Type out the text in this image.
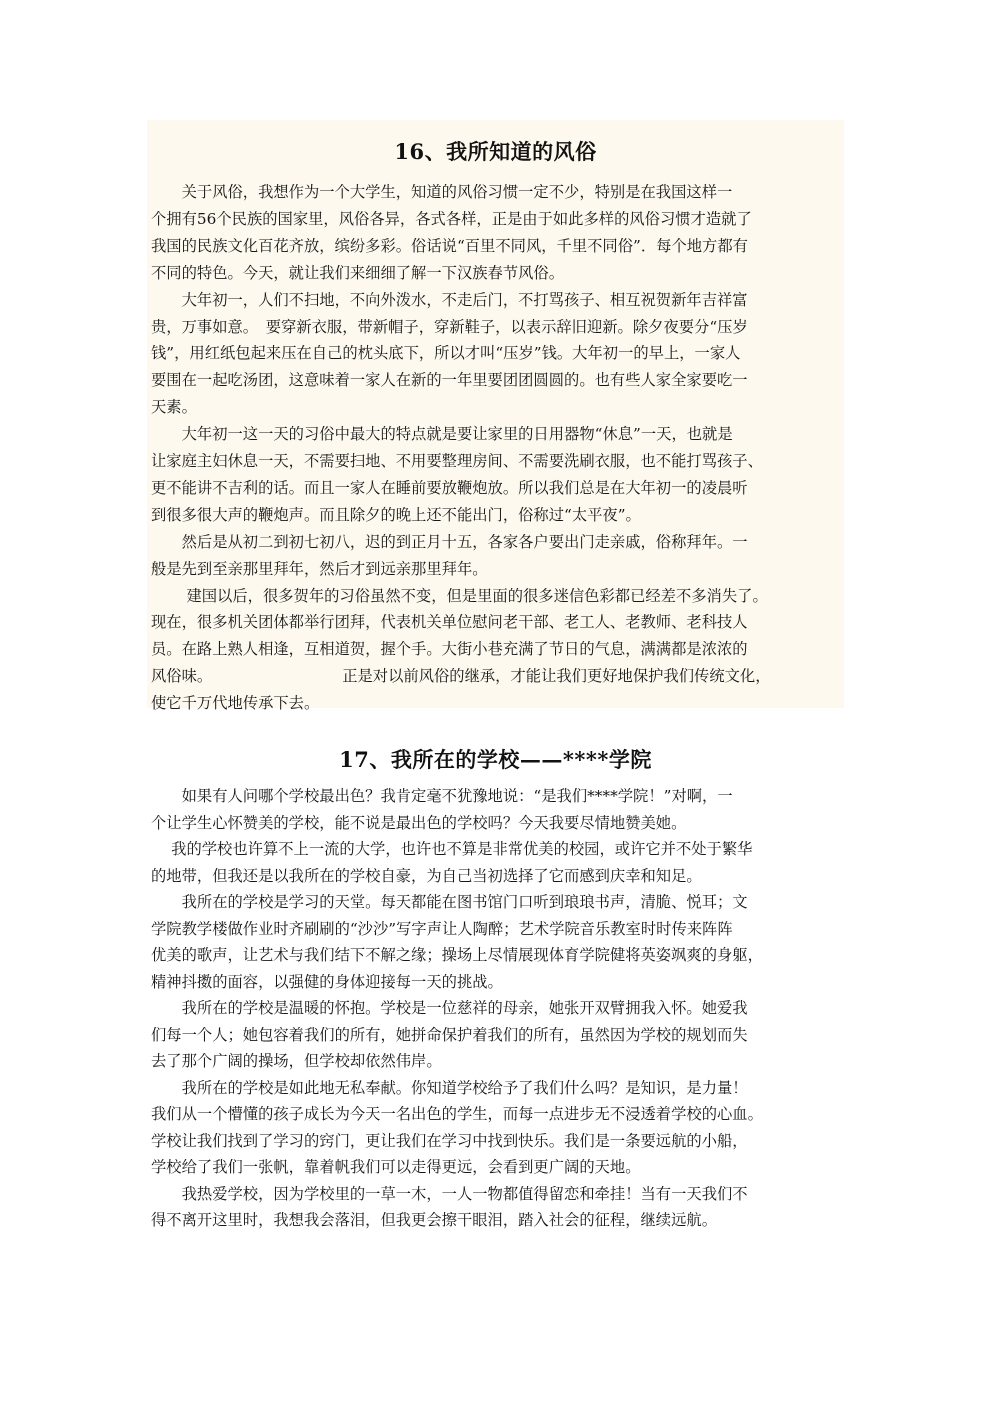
16、我所知道的风俗
　　关于风俗，我想作为一个大学生，知道的风俗习惯一定不少，特别是在我国这样一
个拥有56个民族的国家里，风俗各异，各式各样，正是由于如此多样的风俗习惯才造就了
我国的民族文化百花齐放，缤纷多彩。俗话说“百里不同风，千里不同俗”．每个地方都有
不同的特色。今天，就让我们来细细了解一下汉族春节风俗。
　　大年初一，人们不扫地，不向外泼水，不走后门，不打骂孩子、相互祝贺新年吉祥富
贵，万事如意。　要穿新衣服，带新帽子，穿新鞋子，以表示辞旧迎新。除夕夜要分“压岁
钱”，用红纸包起来压在自己的枕头底下，所以才叫“压岁”钱。大年初一的早上，一家人
要围在一起吃汤团，这意味着一家人在新的一年里要团团圆圆的。也有些人家全家要吃一
天素。
　　大年初一这一天的习俗中最大的特点就是要让家里的日用器物“休息”一天，也就是
让家庭主妇休息一天，不需要扫地、不用要整理房间、不需要洗刷衣服，也不能打骂孩子、
更不能讲不吉利的话。而且一家人在睡前要放鞭炮放。所以我们总是在大年初一的凌晨听
到很多很大声的鞭炮声。而且除夕的晚上还不能出门，俗称过“太平夜”。
　　然后是从初二到初七初八，迟的到正月十五，各家各户要出门走亲戚，俗称拜年。一
般是先到至亲那里拜年，然后才到远亲那里拜年。
　　 建国以后，很多贺年的习俗虽然不变，但是里面的很多迷信色彩都已经差不多消失了。
现在，很多机关团体都举行团拜，代表机关单位慰问老干部、老工人、老教师、老科技人
员。在路上熟人相逢，互相道贺，握个手。大街小巷充满了节日的气息，满满都是浓浓的
风俗味。　　　　　　　　　正是对以前风俗的继承，才能让我们更好地保护我们传统文化，
使它千万代地传承下去。
17、我所在的学校——****学院
　　如果有人问哪个学校最出色？我肯定毫不犹豫地说：“是我们****学院！”对啊，一
个让学生心怀赞美的学校，能不说是最出色的学校吗？今天我要尽情地赞美她。
　 我的学校也许算不上一流的大学，也许也不算是非常优美的校园，或许它并不处于繁华
的地带，但我还是以我所在的学校自豪，为自己当初选择了它而感到庆幸和知足。
　　我所在的学校是学习的天堂。每天都能在图书馆门口听到琅琅书声，清脆、悦耳；文
学院教学楼做作业时齐刷刷的“沙沙”写字声让人陶醉；艺术学院音乐教室时时传来阵阵
优美的歌声，让艺术与我们结下不解之缘；操场上尽情展现体育学院健将英姿飒爽的身躯，
精神抖擞的面容，以强健的身体迎接每一天的挑战。
　　我所在的学校是温暖的怀抱。学校是一位慈祥的母亲，她张开双臂拥我入怀。她爱我
们每一个人；她包容着我们的所有，她拼命保护着我们的所有，虽然因为学校的规划而失
去了那个广阔的操场，但学校却依然伟岸。
　　我所在的学校是如此地无私奉献。你知道学校给予了我们什么吗？是知识，是力量！
我们从一个懵懂的孩子成长为今天一名出色的学生，而每一点进步无不浸透着学校的心血。
学校让我们找到了学习的窍门，更让我们在学习中找到快乐。我们是一条要远航的小船，
学校给了我们一张帆，靠着帆我们可以走得更远，会看到更广阔的天地。
　　我热爱学校，因为学校里的一草一木，一人一物都值得留恋和牵挂！当有一天我们不
得不离开这里时，我想我会落泪，但我更会擦干眼泪，踏入社会的征程，继续远航。
